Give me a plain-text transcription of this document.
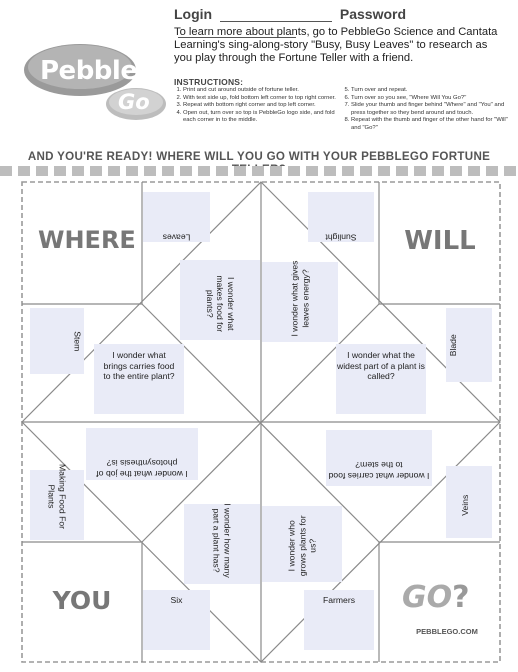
Login	Password
Pebble
Go
To learn more about plants, go to PebbleGo Science and Cantata Learning's sing-along-story "Busy, Busy Leaves" to research as you play through the Fortune Teller with a friend.
INSTRUCTIONS:
1. Print and cut around outside of fortune teller.
2. With text side up, fold bottom left corner to top right corner.
3. Repeat with bottom right corner and top left corner.
4. Open out, turn over so top is PebbleGo logo side, and fold each corner in to the middle.
5. Turn over and repeat.
6. Turn over so you see, "Where Will You Go?"
7. Slide your thumb and finger behind "Where" and "You" and press together so they bend around and touch.
8. Repeat with the thumb and finger of the other hand for "Will" and "Go?"
AND YOU'RE READY! WHERE WILL YOU GO WITH YOUR PEBBLEGO FORTUNE
WHERE	WILL
YOU	GO?
PEBBLEGO.COM
Leaves	Sunlight
Stem	Blade
Making Food For Plants	Veins
Six	Farmers
I wonder what makes food for plants?	I wonder what gives leaves energy?
I wonder what brings carries food to the entire plant?
I wonder what the widest part of a plant is called?
I wonder what the job of photosynthesis is?
I wonder what carries food to the stem?
I wonder how many part a plant has?	I wonder who grows plants for us?
